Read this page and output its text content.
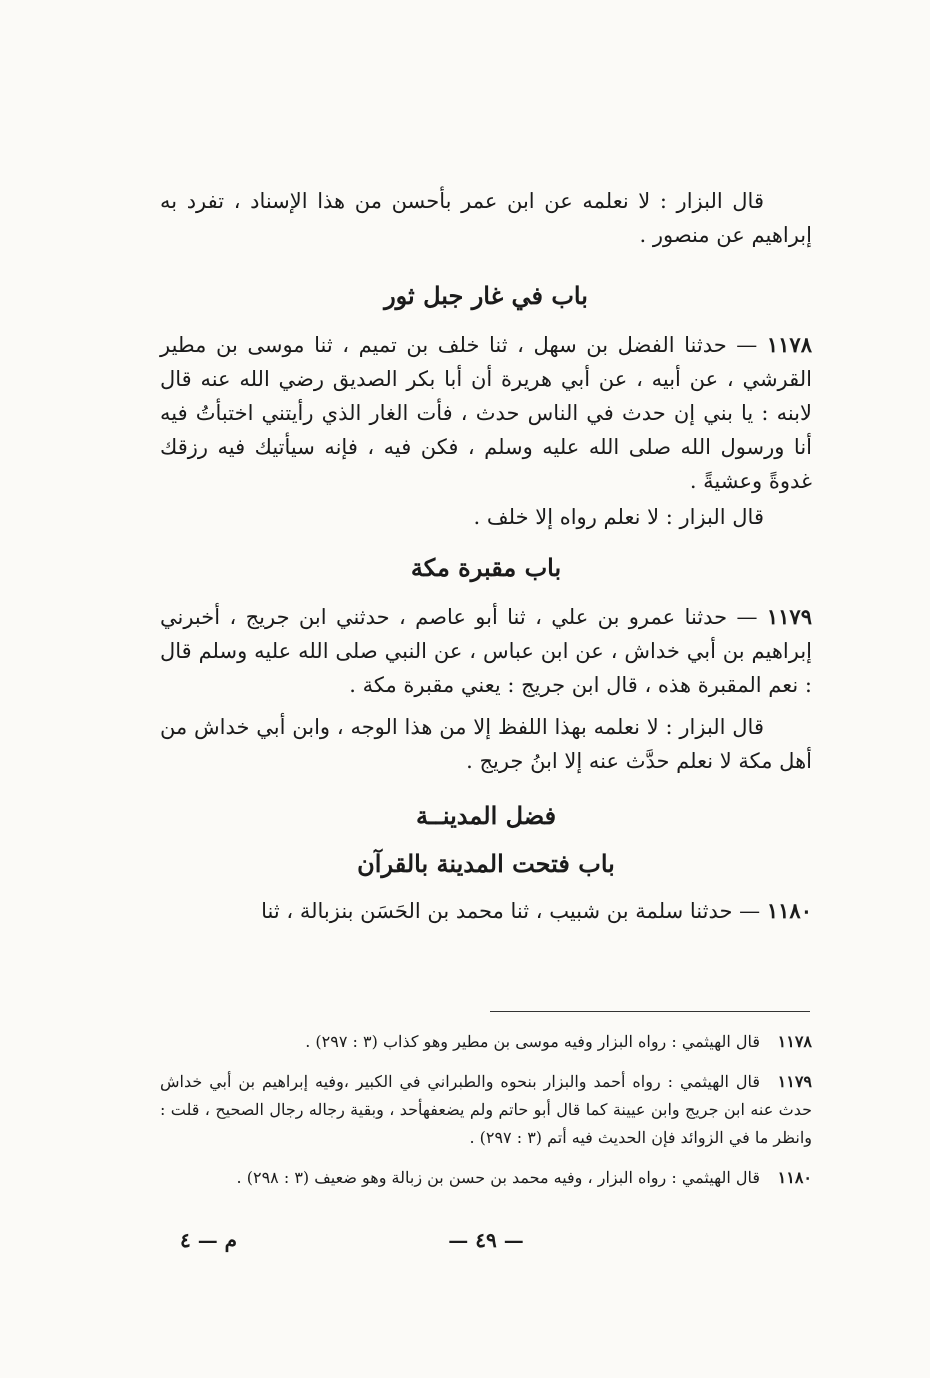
قال البزار : لا نعلمه عن ابن عمر بأحسن من هذا الإسناد ، تفرد به إبراهيم عن منصور .

باب في غار جبل ثور

١١٧٨ — حدثنا الفضل بن سهل ، ثنا خلف بن تميم ، ثنا موسى بن مطير القرشي ، عن أبيه ، عن أبي هريرة أن أبا بكر الصديق رضي الله عنه قال لابنه : يا بني إن حدث في الناس حدث ، فأت الغار الذي رأيتني اختبأتُ فيه أنا ورسول الله صلى الله عليه وسلم ، فكن فيه ، فإنه سيأتيك فيه رزقك غدوةً وعشيةً .

قال البزار : لا نعلم رواه إلا خلف .

باب مقبرة مكة

١١٧٩ — حدثنا عمرو بن علي ، ثنا أبو عاصم ، حدثني ابن جريج ، أخبرني إبراهيم بن أبي خداش ، عن ابن عباس ، عن النبي صلى الله عليه وسلم قال : نعم المقبرة هذه ، قال ابن جريج : يعني مقبرة مكة .

قال البزار : لا نعلمه بهذا اللفظ إلا من هذا الوجه ، وابن أبي خداش من أهل مكة لا نعلم حدَّث عنه إلا ابنُ جريج .

فضل المدينــة

باب فتحت المدينة بالقرآن

١١٨٠ — حدثنا سلمة بن شبيب ، ثنا محمد بن الحَسَن بنزبالة ، ثنا

١١٧٨قال الهيثمي : رواه البزار وفيه موسى بن مطير وهو كذاب (٣ : ٢٩٧) .

١١٧٩قال الهيثمي : رواه أحمد والبزار بنحوه والطبراني في الكبير ،وفيه إبراهيم بن أبي خداش حدث عنه ابن جريج وابن عيينة كما قال أبو حاتم ولم يضعفهأحد ، وبقية رجاله رجال الصحيح ، قلت : وانظر ما في الزوائد فإن الحديث فيه أتم (٣ : ٢٩٧) .

١١٨٠قال الهيثمي : رواه البزار ، وفيه محمد بن حسن بن زبالة وهو ضعيف (٣ : ٢٩٨) .

— ٤٩ —
م — ٤
